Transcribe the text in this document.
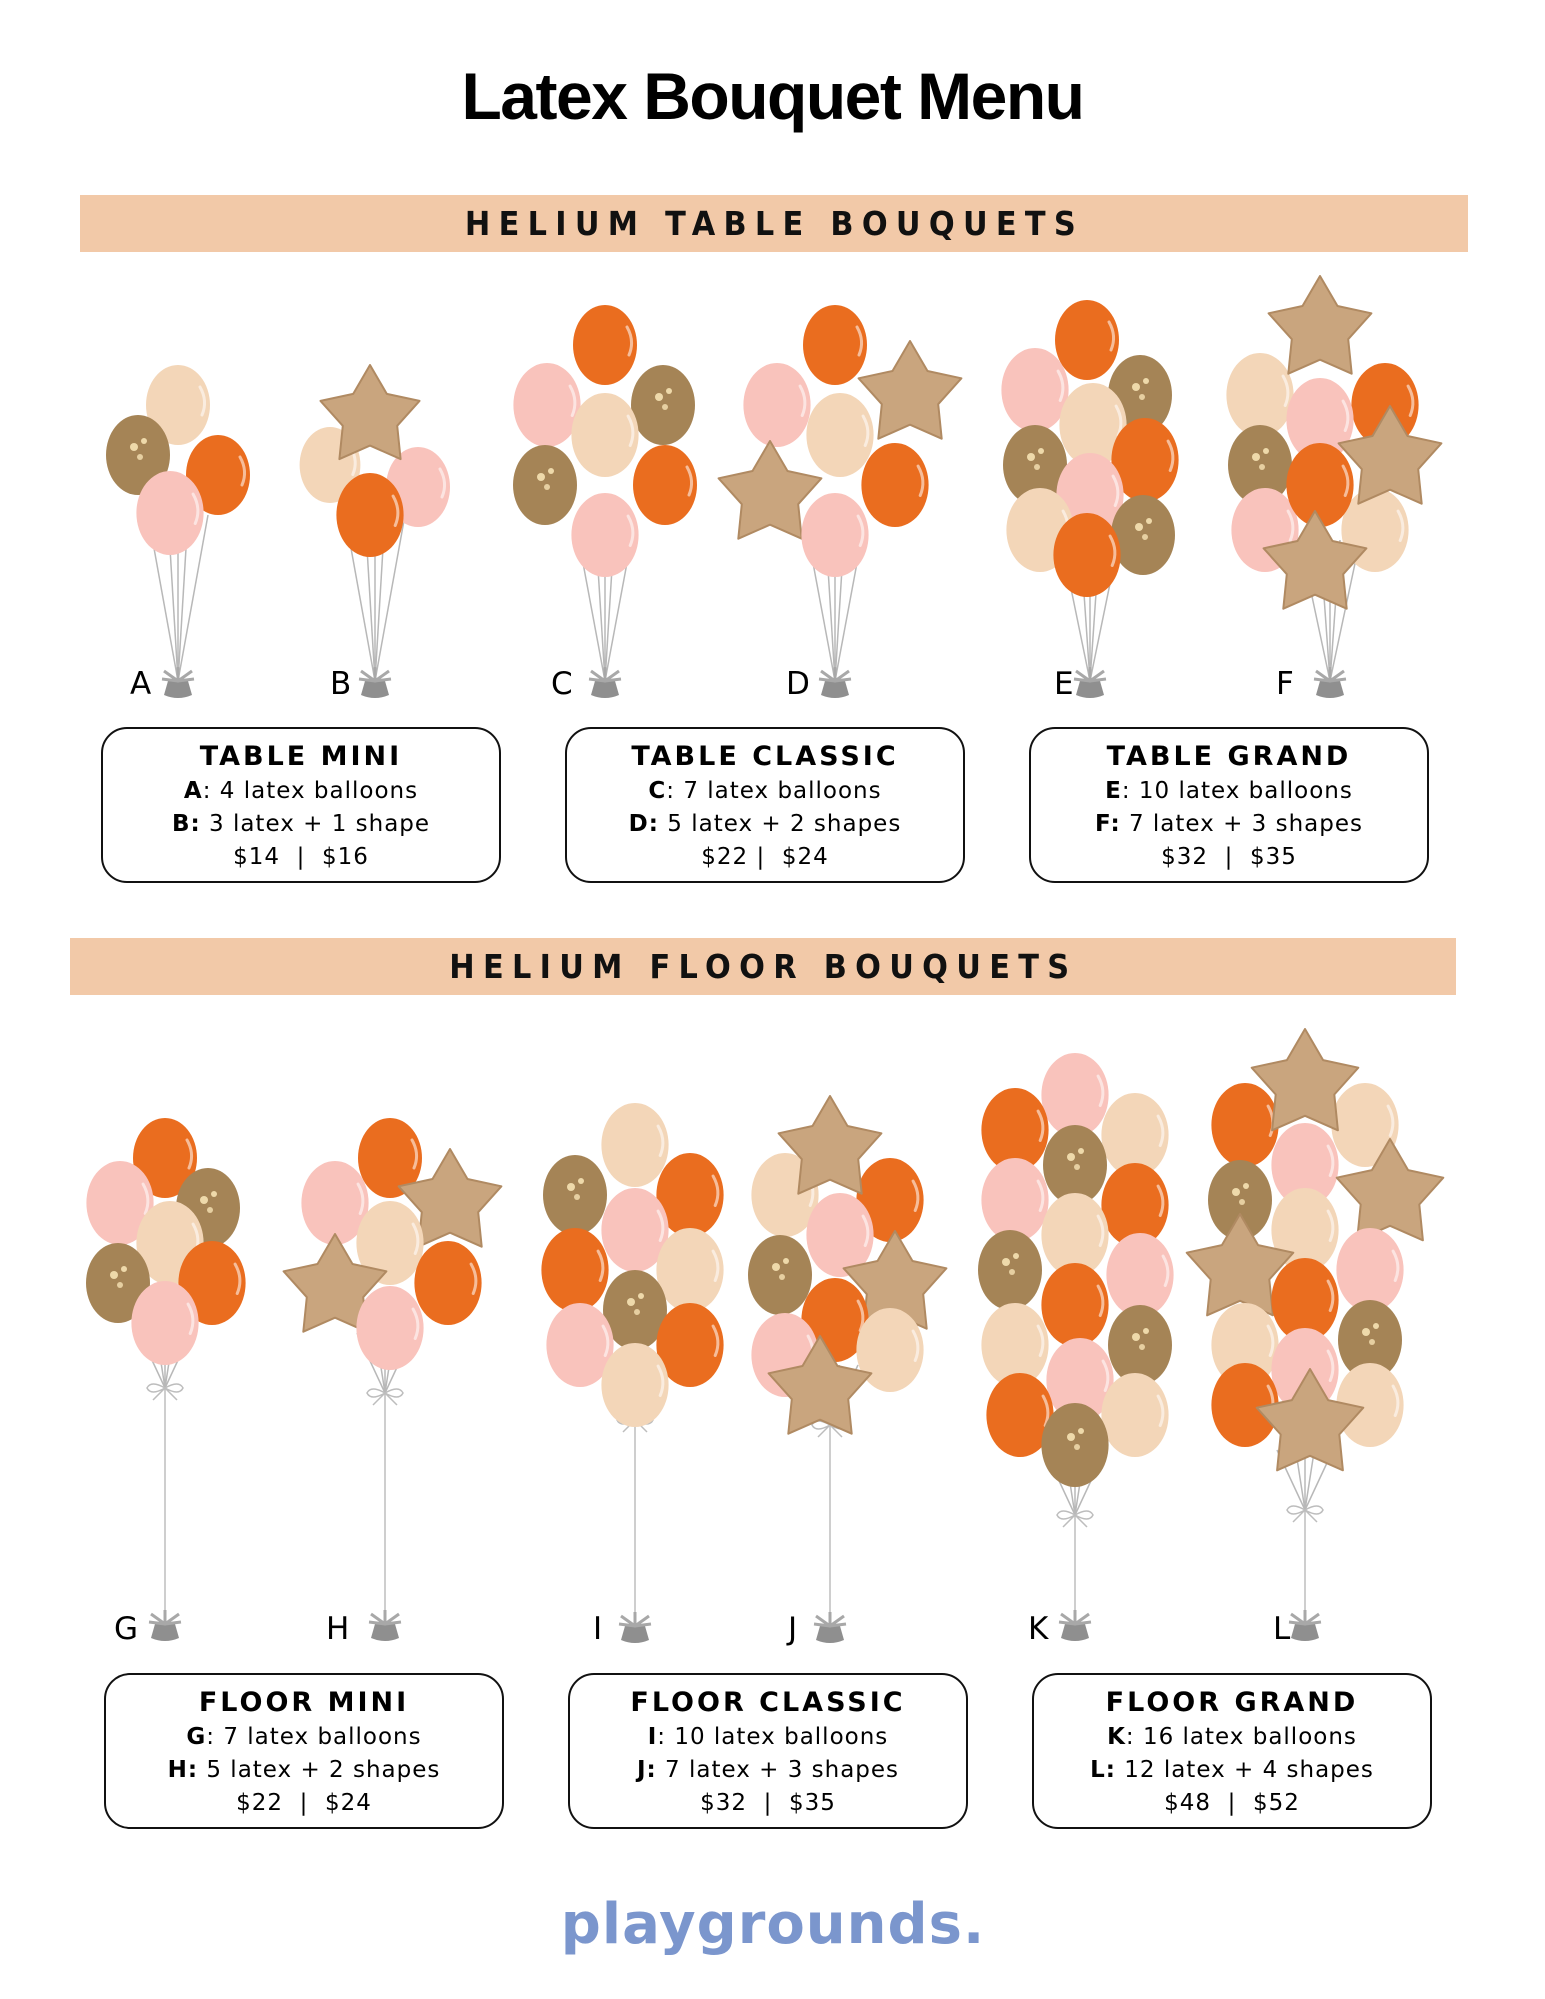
Latex Bouquet Menu
HELIUM TABLE BOUQUETS
A	B	C	D	E	F
TABLE MINI
A: 4 latex balloons
B: 3 latex + 1 shape
$14  |  $16
TABLE CLASSIC
C: 7 latex balloons
D: 5 latex + 2 shapes
$22 |  $24
TABLE GRAND
E: 10 latex balloons
F: 7 latex + 3 shapes
$32  |  $35
HELIUM FLOOR BOUQUETS
G	H	I	J	K	L
FLOOR MINI
G: 7 latex balloons
H: 5 latex + 2 shapes
$22  |  $24
FLOOR CLASSIC
I: 10 latex balloons
J: 7 latex + 3 shapes
$32  |  $35
FLOOR GRAND
K: 16 latex balloons
L: 12 latex + 4 shapes
$48  |  $52
playgrounds.
